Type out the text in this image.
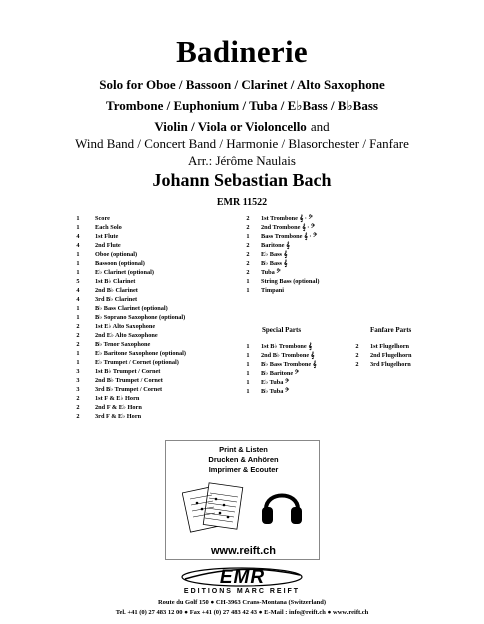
Badinerie
Solo for Oboe / Bassoon / Clarinet / Alto Saxophone
Trombone / Euphonium / Tuba / E♭Bass / B♭Bass
Violin / Viola or Violoncello and
Wind Band / Concert Band / Harmonie / Blasorchester / Fanfare
Arr.: Jérôme Naulais
Johann Sebastian Bach
EMR 11522
1	Score
1	Each Solo
4	1st Flute
4	2nd Flute
1	Oboe (optional)
1	Bassoon (optional)
1	E♭ Clarinet (optional)
5	1st B♭ Clarinet
4	2nd B♭ Clarinet
4	3rd B♭ Clarinet
1	B♭ Bass Clarinet (optional)
1	B♭ Soprano Saxophone (optional)
2	1st E♭ Alto Saxophone
2	2nd E♭ Alto Saxophone
2	B♭ Tenor Saxophone
1	E♭ Baritone Saxophone (optional)
1	E♭ Trumpet / Cornet (optional)
3	1st B♭ Trumpet / Cornet
3	2nd B♭ Trumpet / Cornet
3	3rd B♭ Trumpet / Cornet
2	1st F & E♭ Horn
2	2nd F & E♭ Horn
2	3rd F & E♭ Horn
2	1st Trombone 𝄞 · 𝄢
2	2nd Trombone 𝄞 · 𝄢
1	Bass Trombone 𝄞 · 𝄢
2	Baritone 𝄞
2	E♭ Bass 𝄞
2	B♭ Bass 𝄞
2	Tuba 𝄢
1	String Bass (optional)
1	Timpani
Special Parts
1	1st B♭ Trombone 𝄞
1	2nd B♭ Trombone 𝄞
1	B♭ Bass Trombone 𝄞
1	B♭ Baritone 𝄢
1	E♭ Tuba 𝄢
1	B♭ Tuba 𝄢
Fanfare Parts
2	1st Flugelhorn
2	2nd Flugelhorn
2	3rd Flugelhorn
Print & Listen
Drucken & Anhören
Imprimer & Ecouter
www.reift.ch
EMR
EDITIONS MARC REIFT
Route du Golf 150 ● CH-3963 Crans-Montana (Switzerland)
Tel. +41 (0) 27 483 12 00 ● Fax +41 (0) 27 483 42 43 ● E-Mail : info@reift.ch ● www.reift.ch
